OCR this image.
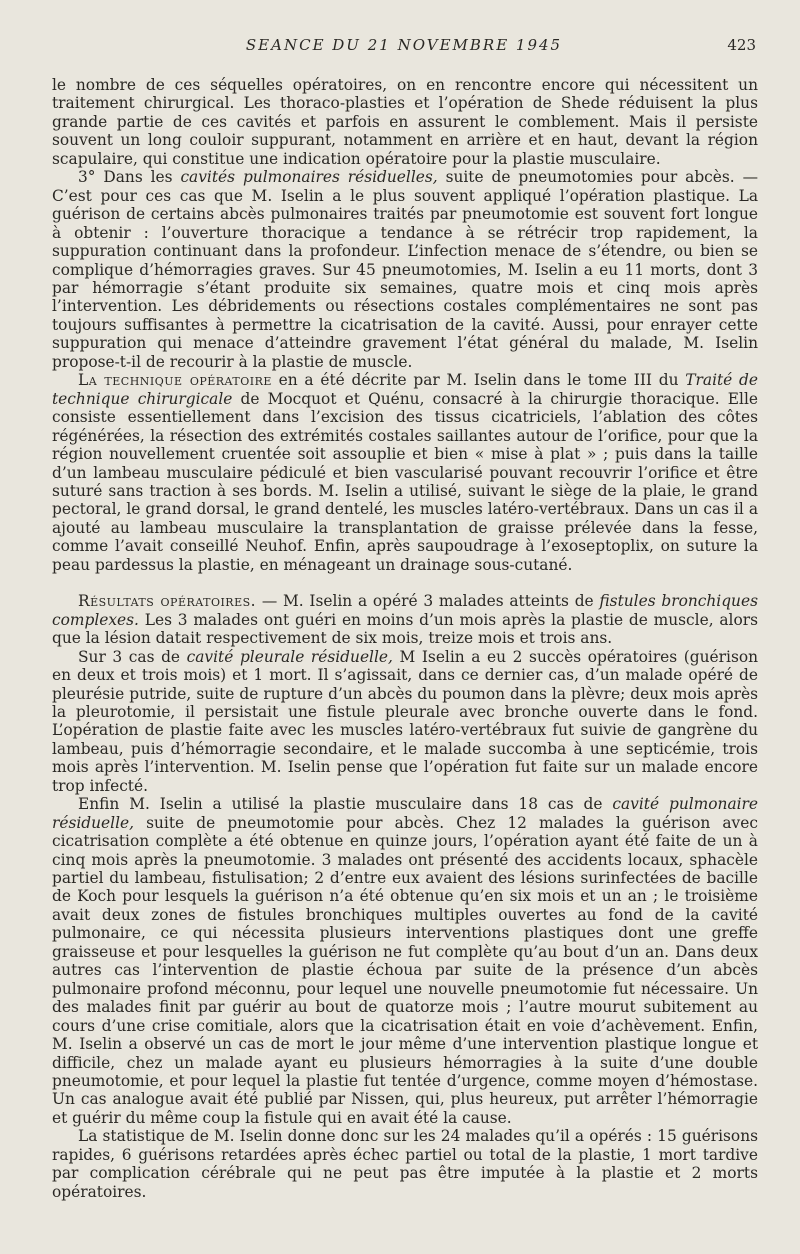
SEANCE DU 21 NOVEMBRE 1945	423

le nombre de ces séquelles opératoires, on en rencontre encore qui nécessitent un traitement chirurgical. Les thoraco-plasties et l’opération de Shede réduisent la plus grande partie de ces cavités et parfois en assurent le comblement. Mais il persiste souvent un long couloir suppurant, notamment en arrière et en haut, devant la région scapulaire, qui constitue une indication opératoire pour la plastie musculaire.

3° Dans les cavités pulmonaires résiduelles, suite de pneumotomies pour abcès. — C’est pour ces cas que M. Iselin a le plus souvent appliqué l’opération plastique. La guérison de certains abcès pulmonaires traités par pneumotomie est souvent fort longue à obtenir : l’ouverture thoracique a tendance à se rétrécir trop rapidement, la suppuration continuant dans la profondeur. L’infection menace de s’étendre, ou bien se complique d’hémorragies graves. Sur 45 pneumotomies, M. Iselin a eu 11 morts, dont 3 par hémorragie s’étant produite six semaines, quatre mois et cinq mois après l’intervention. Les débridements ou résections costales complémentaires ne sont pas toujours suffisantes à permettre la cicatrisation de la cavité. Aussi, pour enrayer cette suppuration qui menace d’atteindre gravement l’état général du malade, M. Iselin propose-t-il de recourir à la plastie de muscle.

La technique opératoire en a été décrite par M. Iselin dans le tome III du Traité de technique chirurgicale de Mocquot et Quénu, consacré à la chirurgie thoracique. Elle consiste essentiellement dans l’excision des tissus cicatriciels, l’ablation des côtes régénérées, la résection des extrémités costales saillantes autour de l’orifice, pour que la région nouvellement cruentée soit assouplie et bien « mise à plat » ; puis dans la taille d’un lambeau musculaire pédiculé et bien vascularisé pouvant recouvrir l’orifice et être suturé sans traction à ses bords. M. Iselin a utilisé, suivant le siège de la plaie, le grand pectoral, le grand dorsal, le grand dentelé, les muscles latéro-vertébraux. Dans un cas il a ajouté au lambeau musculaire la transplantation de graisse prélevée dans la fesse, comme l’avait conseillé Neuhof. Enfin, après saupoudrage à l’exoseptoplix, on suture la peau pardessus la plastie, en ménageant un drainage sous-cutané.

Résultats opératoires. — M. Iselin a opéré 3 malades atteints de fistules bronchiques complexes. Les 3 malades ont guéri en moins d’un mois après la plastie de muscle, alors que la lésion datait respectivement de six mois, treize mois et trois ans.

Sur 3 cas de cavité pleurale résiduelle, M Iselin a eu 2 succès opératoires (guérison en deux et trois mois) et 1 mort. Il s’agissait, dans ce dernier cas, d’un malade opéré de pleurésie putride, suite de rupture d’un abcès du poumon dans la plèvre; deux mois après la pleurotomie, il persistait une fistule pleurale avec bronche ouverte dans le fond. L’opération de plastie faite avec les muscles latéro-vertébraux fut suivie de gangrène du lambeau, puis d’hémorragie secondaire, et le malade succomba à une septicémie, trois mois après l’intervention. M. Iselin pense que l’opération fut faite sur un malade encore trop infecté.

Enfin M. Iselin a utilisé la plastie musculaire dans 18 cas de cavité pulmonaire résiduelle, suite de pneumotomie pour abcès. Chez 12 malades la guérison avec cicatrisation complète a été obtenue en quinze jours, l’opération ayant été faite de un à cinq mois après la pneumotomie. 3 malades ont présenté des accidents locaux, sphacèle partiel du lambeau, fistulisation; 2 d’entre eux avaient des lésions surinfectées de bacille de Koch pour lesquels la guérison n’a été obtenue qu’en six mois et un an ; le troisième avait deux zones de fistules bronchiques multiples ouvertes au fond de la cavité pulmonaire, ce qui nécessita plusieurs interventions plastiques dont une greffe graisseuse et pour lesquelles la guérison ne fut complète qu’au bout d’un an. Dans deux autres cas l’intervention de plastie échoua par suite de la présence d’un abcès pulmonaire profond méconnu, pour lequel une nouvelle pneumotomie fut nécessaire. Un des malades finit par guérir au bout de quatorze mois ; l’autre mourut subitement au cours d’une crise comitiale, alors que la cicatrisation était en voie d’achèvement. Enfin, M. Iselin a observé un cas de mort le jour même d’une intervention plastique longue et difficile, chez un malade ayant eu plusieurs hémorragies à la suite d’une double pneumotomie, et pour lequel la plastie fut tentée d’urgence, comme moyen d’hémostase. Un cas analogue avait été publié par Nissen, qui, plus heureux, put arrêter l’hémorragie et guérir du même coup la fistule qui en avait été la cause.

La statistique de M. Iselin donne donc sur les 24 malades qu’il a opérés : 15 guérisons rapides, 6 guérisons retardées après échec partiel ou total de la plastie, 1 mort tardive par complication cérébrale qui ne peut pas être imputée à la plastie et 2 morts opératoires.
